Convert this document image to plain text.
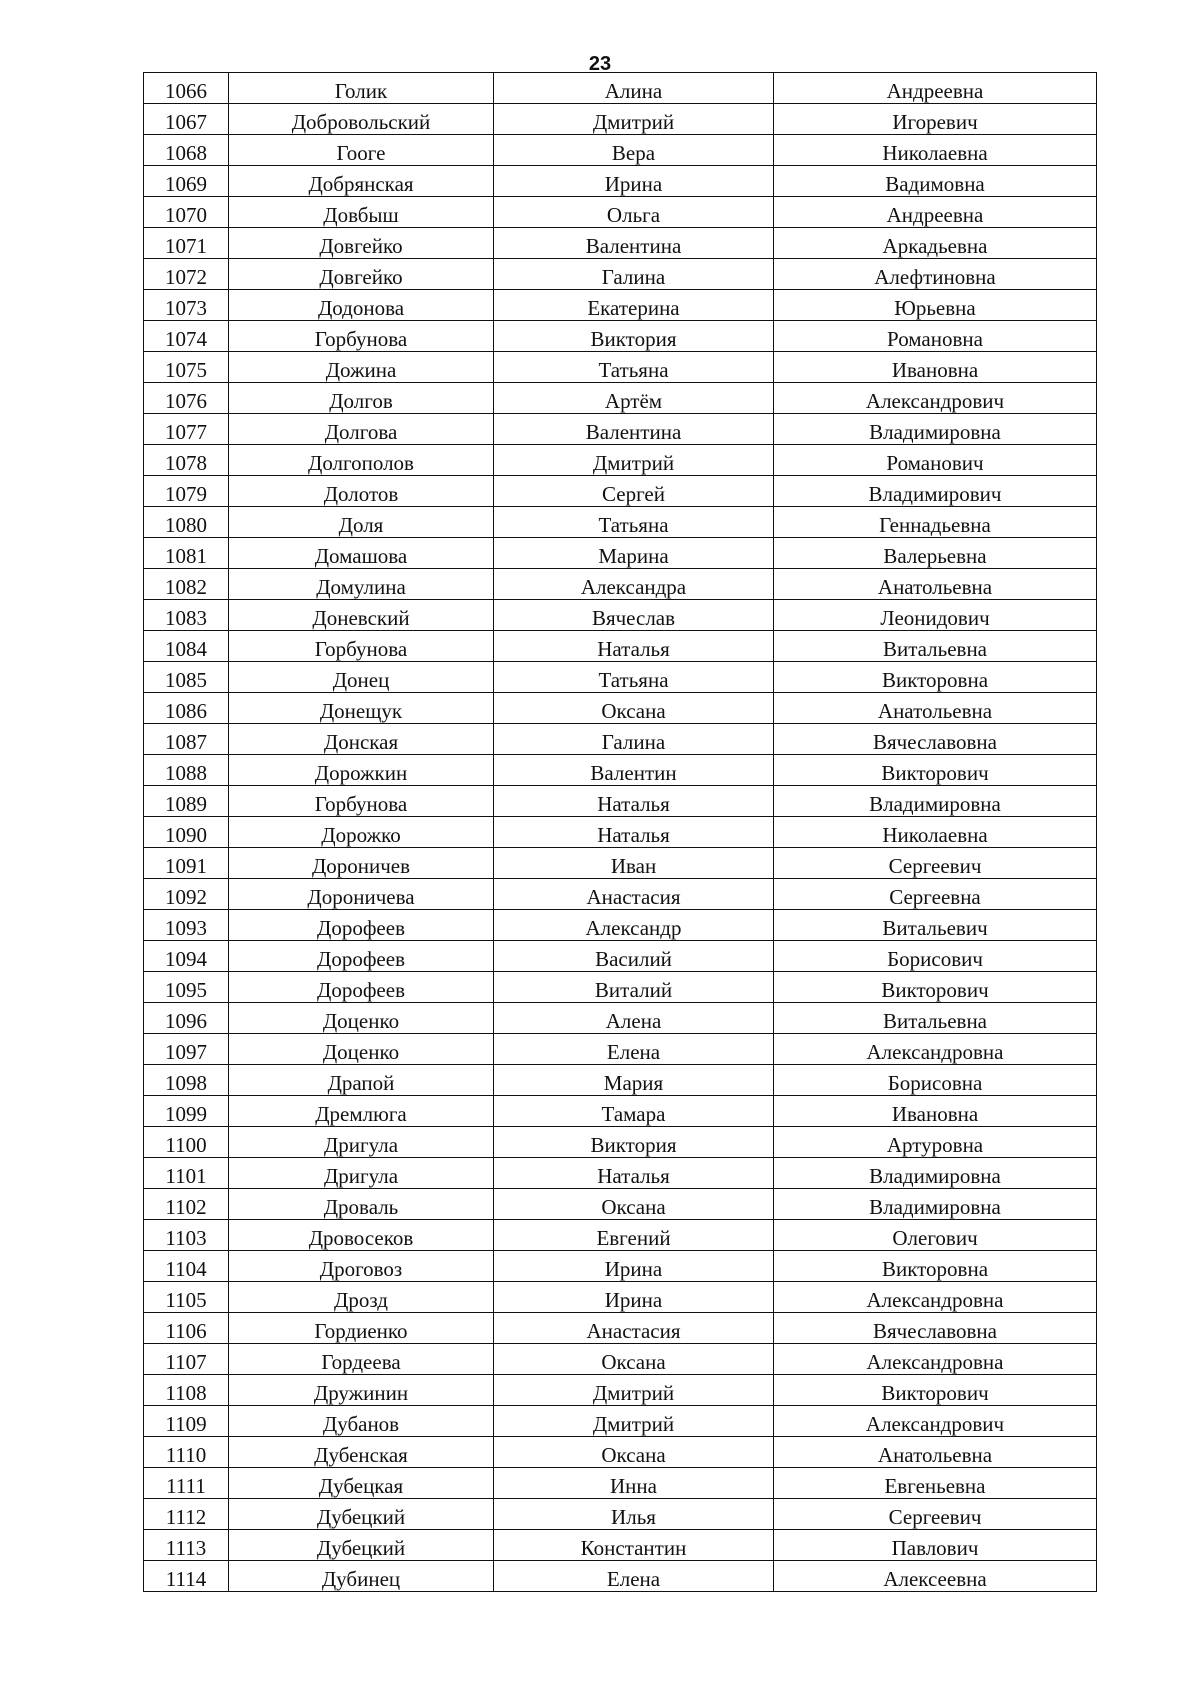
23
1066	Голик	Алина	Андреевна
1067	Добровольский	Дмитрий	Игоревич
1068	Гооге	Вера	Николаевна
1069	Добрянская	Ирина	Вадимовна
1070	Довбыш	Ольга	Андреевна
1071	Довгейко	Валентина	Аркадьевна
1072	Довгейко	Галина	Алефтиновна
1073	Додонова	Екатерина	Юрьевна
1074	Горбунова	Виктория	Романовна
1075	Дожина	Татьяна	Ивановна
1076	Долгов	Артём	Александрович
1077	Долгова	Валентина	Владимировна
1078	Долгополов	Дмитрий	Романович
1079	Долотов	Сергей	Владимирович
1080	Доля	Татьяна	Геннадьевна
1081	Домашова	Марина	Валерьевна
1082	Домулина	Александра	Анатольевна
1083	Доневский	Вячеслав	Леонидович
1084	Горбунова	Наталья	Витальевна
1085	Донец	Татьяна	Викторовна
1086	Донещук	Оксана	Анатольевна
1087	Донская	Галина	Вячеславовна
1088	Дорожкин	Валентин	Викторович
1089	Горбунова	Наталья	Владимировна
1090	Дорожко	Наталья	Николаевна
1091	Дороничев	Иван	Сергеевич
1092	Дороничева	Анастасия	Сергеевна
1093	Дорофеев	Александр	Витальевич
1094	Дорофеев	Василий	Борисович
1095	Дорофеев	Виталий	Викторович
1096	Доценко	Алена	Витальевна
1097	Доценко	Елена	Александровна
1098	Драпой	Мария	Борисовна
1099	Дремлюга	Тамара	Ивановна
1100	Дригула	Виктория	Артуровна
1101	Дригула	Наталья	Владимировна
1102	Дроваль	Оксана	Владимировна
1103	Дровосеков	Евгений	Олегович
1104	Дроговоз	Ирина	Викторовна
1105	Дрозд	Ирина	Александровна
1106	Гордиенко	Анастасия	Вячеславовна
1107	Гордеева	Оксана	Александровна
1108	Дружинин	Дмитрий	Викторович
1109	Дубанов	Дмитрий	Александрович
1110	Дубенская	Оксана	Анатольевна
1111	Дубецкая	Инна	Евгеньевна
1112	Дубецкий	Илья	Сергеевич
1113	Дубецкий	Константин	Павлович
1114	Дубинец	Елена	Алексеевна
